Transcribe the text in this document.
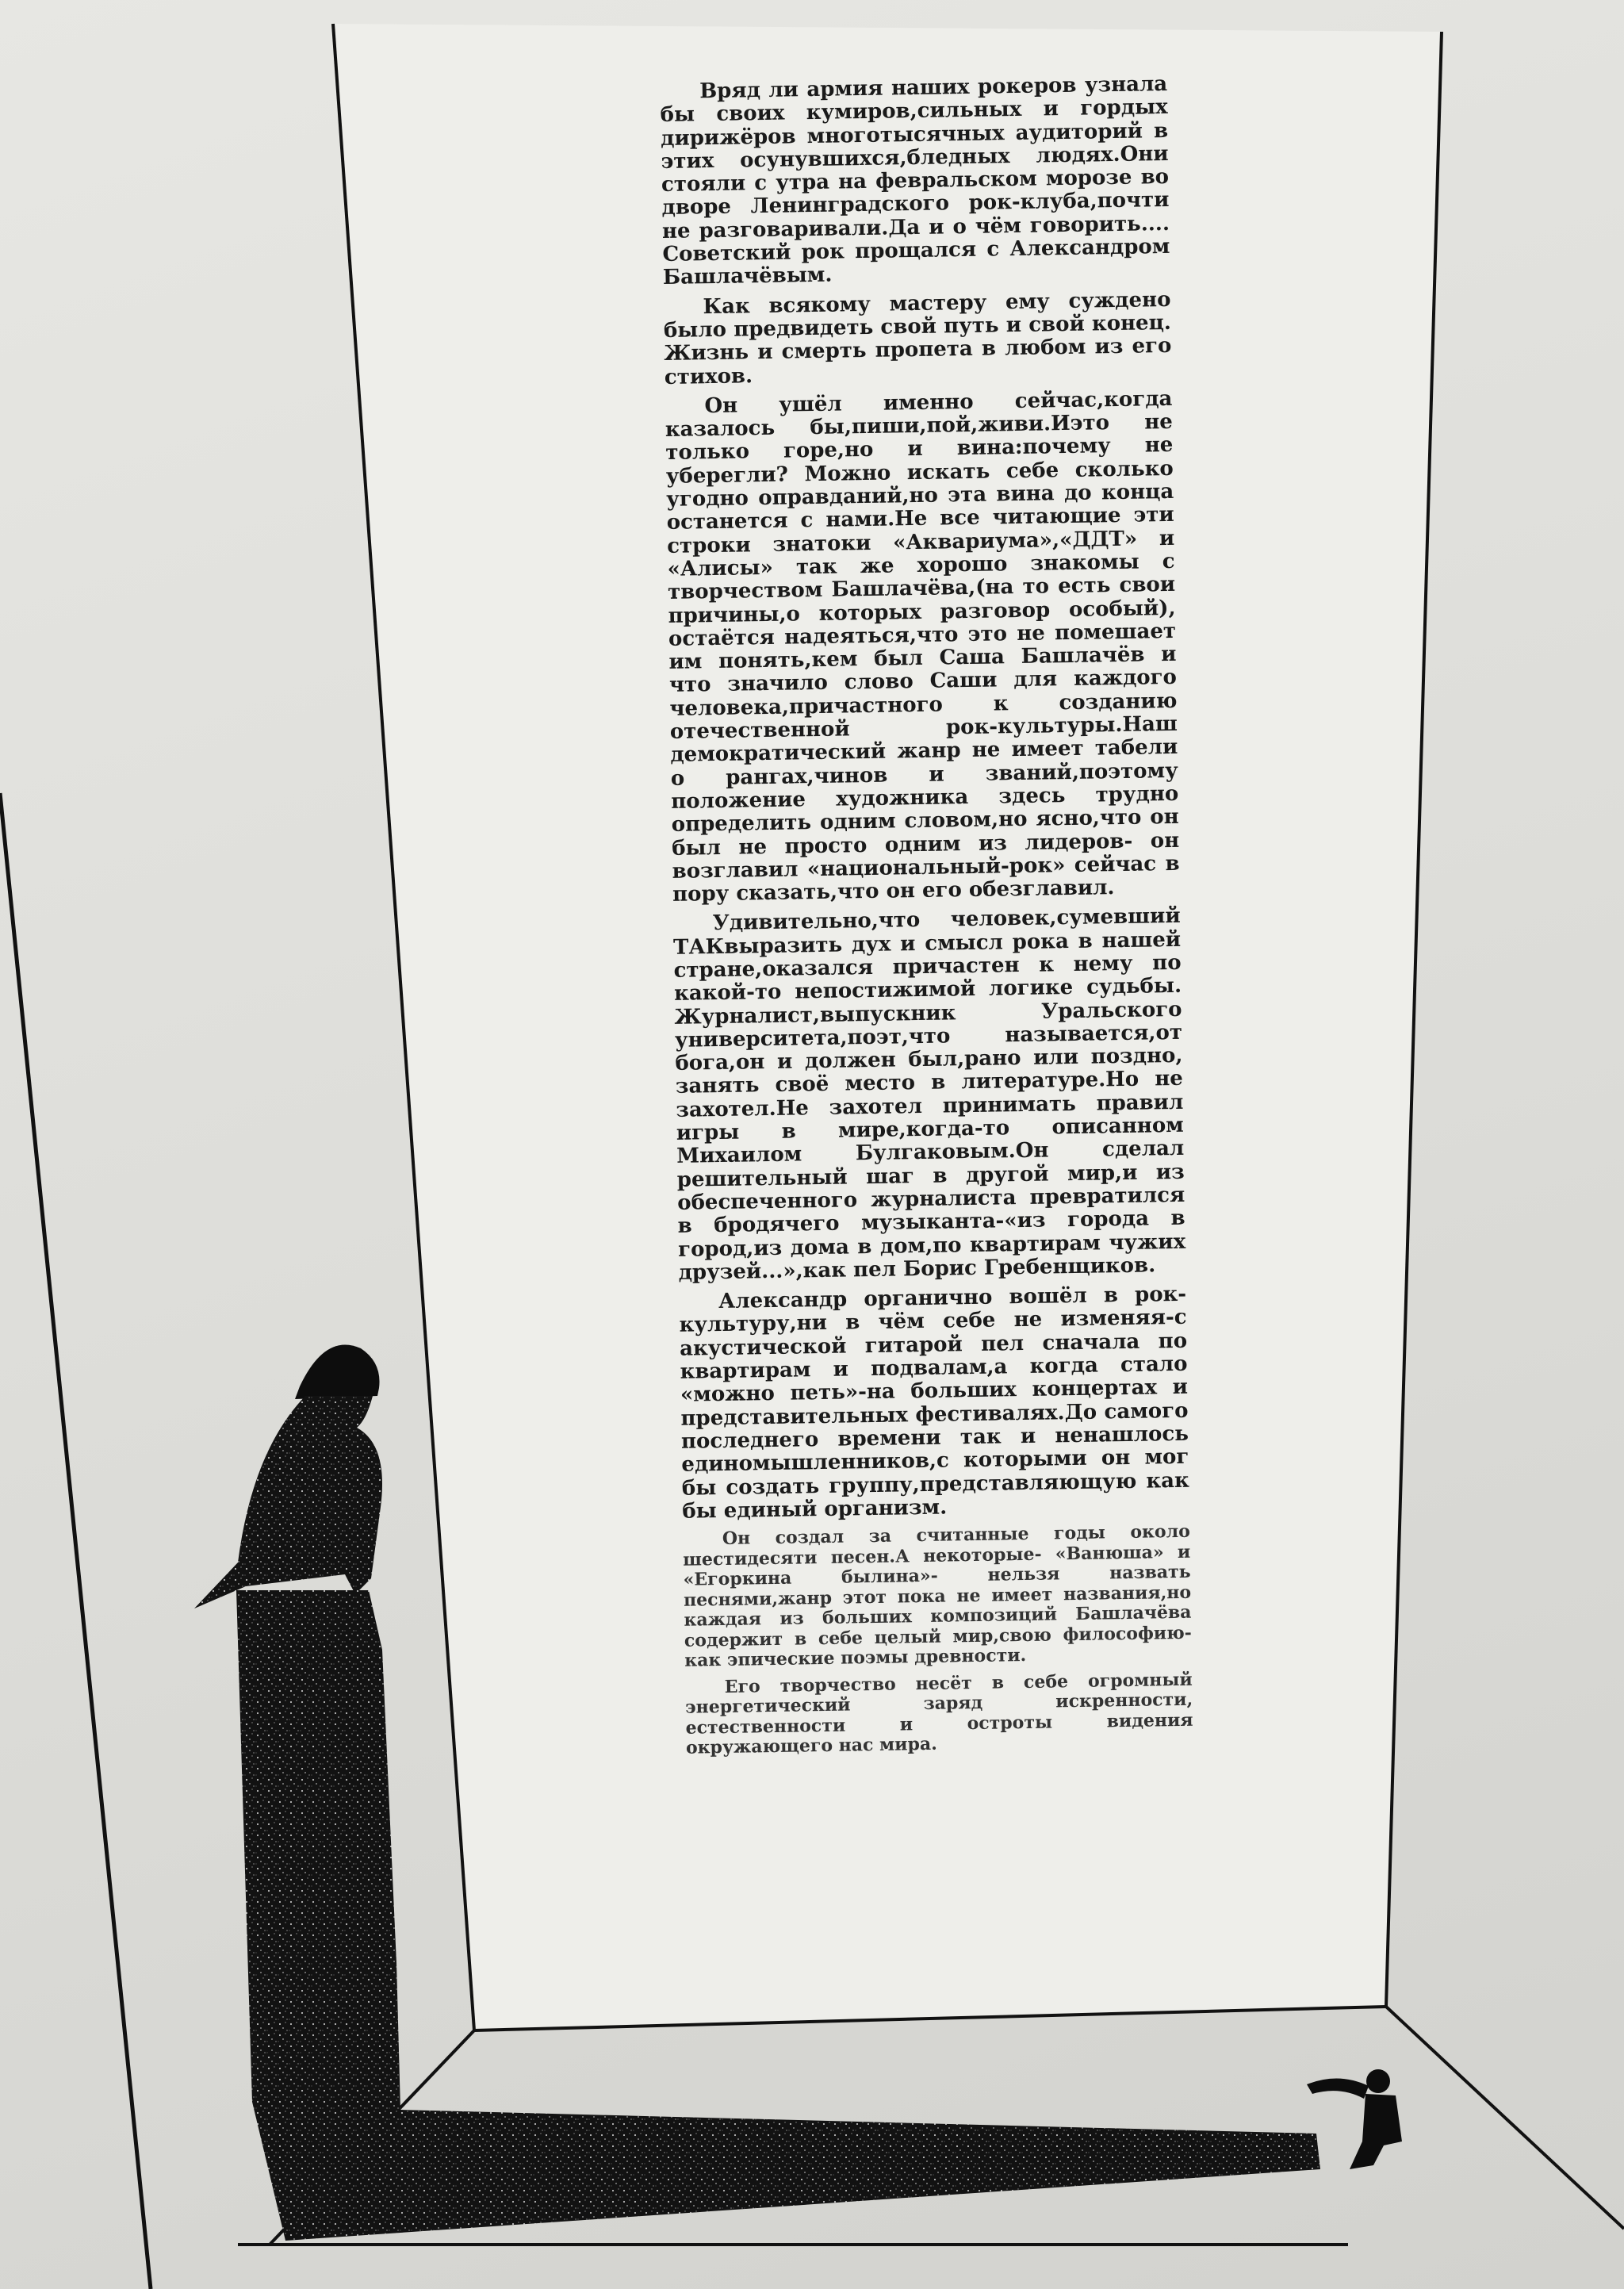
Вряд ли армия наших рокеров узнала бы своих кумиров,сильных и гордых дирижёров многотысячных аудиторий в этих осунувшихся,бледных людях.Они стояли с утра на февральском морозе во дворе Ленинградского рок-клуба,почти не разговаривали.Да и о чём говорить.... Советский рок прощался с Александром Башлачёвым.

Как всякому мастеру ему суждено было предвидеть свой путь и свой конец. Жизнь и смерть пропета в любом из его стихов.

Он ушёл именно сейчас,когда казалось бы,пиши,пой,живи.Иэто не только горе,но и вина:почему не уберегли? Можно искать себе сколько угодно оправданий,но эта вина до конца останется с нами.Не все читающие эти строки знатоки «Аквариума»,«ДДТ» и «Алисы» так же хорошо знакомы с творчеством Башлачёва,(на то есть свои причины,о которых разговор особый), остаётся надеяться,что это не помешает им понять,кем был Саша Башлачёв и что значило слово Саши для каждого человека,причастного к созданию отечественной рок-культуры.Наш демократический жанр не имеет табели о рангах,чинов и званий,поэтому положение художника здесь трудно определить одним словом,но ясно,что он был не просто одним из лидеров- он возглавил «национальный-рок» сейчас в пору сказать,что он его обезглавил.

Удивительно,что человек,сумевший ТАКвыразить дух и смысл рока в нашей стране,оказался причастен к нему по какой-то непостижимой логике судьбы. Журналист,выпускник Уральского университета,поэт,что называется,от бога,он и должен был,рано или поздно, занять своё место в литературе.Но не захотел.Не захотел принимать правил игры в мире,когда-то описанном Михаилом Булгаковым.Он сделал решительный шаг в другой мир,и из обеспеченного журналиста превратился в бродячего музыканта-«из города в город,из дома в дом,по квартирам чужих друзей...»,как пел Борис Гребенщиков.

Александр органично вошёл в рок-культуру,ни в чём себе не изменяя-с акустической гитарой пел сначала по квартирам и подвалам,а когда стало «можно петь»-на больших концертах и представительных фестивалях.До самого последнего времени так и ненашлось единомышленников,с которыми он мог бы создать группу,представляющую как бы единый организм.

Он создал за считанные годы около шестидесяти песен.А некоторые- «Ванюша» и «Егоркина былина»- нельзя назвать песнями,жанр этот пока не имеет названия,но каждая из больших композиций Башлачёва содержит в себе целый мир,свою философию-как эпические поэмы древности.

Его творчество несёт в себе огромный энергетический заряд искренности, естественности и остроты видения окружающего нас мира.
